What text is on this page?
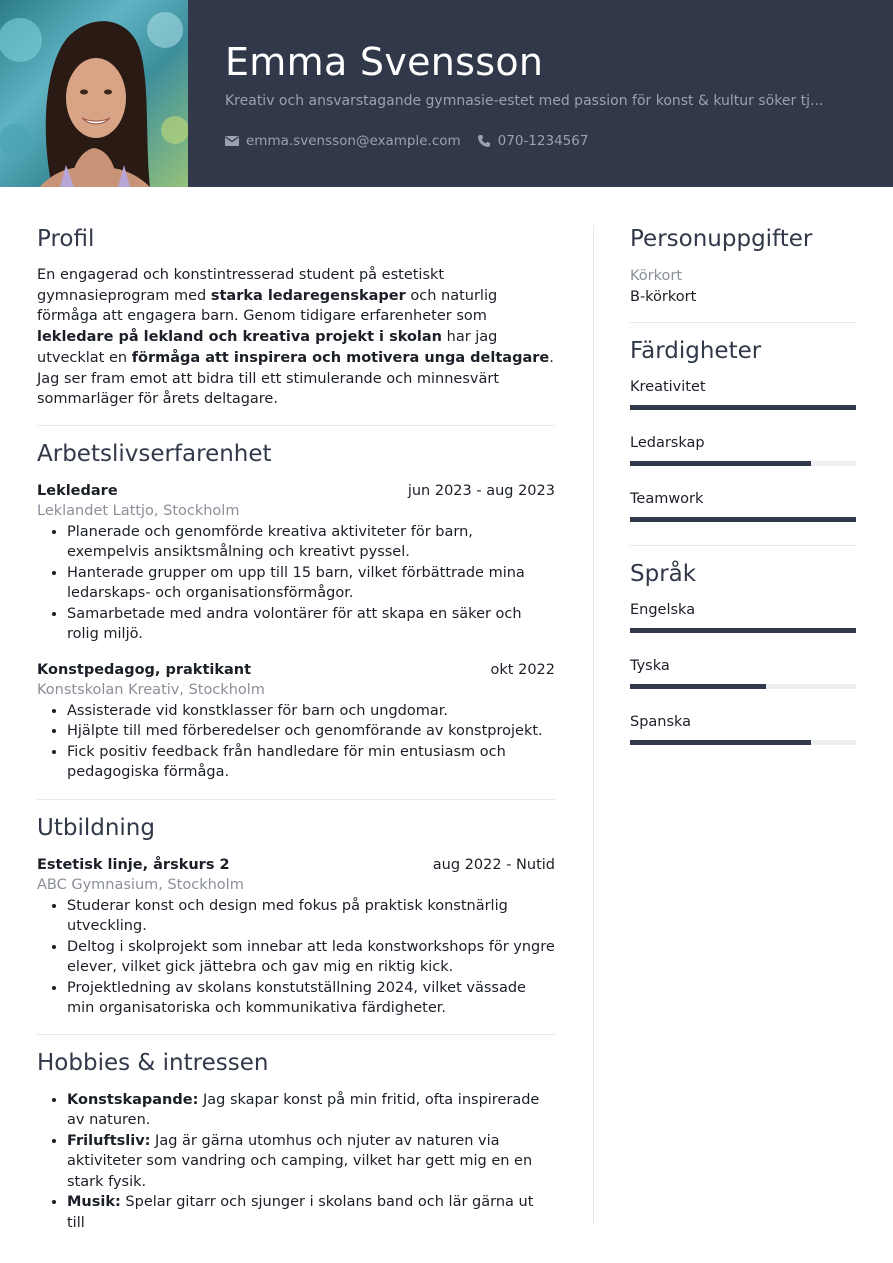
Emma Svensson
Kreativ och ansvarstagande gymnasie-estet med passion för konst & kultur söker tj...
emma.svensson@example.com	070-1234567
Profil

En engagerad och konstintresserad student på estetiskt gymnasieprogram med starka ledaregenskaper och naturlig förmåga att engagera barn. Genom tidigare erfarenheter som lekledare på lekland och kreativa projekt i skolan har jag utvecklat en förmåga att inspirera och motivera unga deltagare. Jag ser fram emot att bidra till ett stimulerande och minnesvärt sommarläger för årets deltagare.

Arbetslivserfarenhet
Lekledare	jun 2023 - aug 2023
Leklandet Lattjo, Stockholm
• Planerade och genomförde kreativa aktiviteter för barn, exempelvis ansiktsmålning och kreativt pyssel.
• Hanterade grupper om upp till 15 barn, vilket förbättrade mina ledarskaps- och organisationsförmågor.
• Samarbetade med andra volontärer för att skapa en säker och rolig miljö.
Konstpedagog, praktikant	okt 2022
Konstskolan Kreativ, Stockholm
• Assisterade vid konstklasser för barn och ungdomar.
• Hjälpte till med förberedelser och genomförande av konstprojekt.
• Fick positiv feedback från handledare för min entusiasm och pedagogiska förmåga.
Utbildning
Estetisk linje, årskurs 2	aug 2022 - Nutid
ABC Gymnasium, Stockholm
• Studerar konst och design med fokus på praktisk konstnärlig utveckling.
• Deltog i skolprojekt som innebar att leda konstworkshops för yngre elever, vilket gick jättebra och gav mig en riktig kick.
• Projektledning av skolans konstutställning 2024, vilket vässade min organisatoriska och kommunikativa färdigheter.
Hobbies & intressen
• Konstskapande: Jag skapar konst på min fritid, ofta inspirerade av naturen.
• Friluftsliv: Jag är gärna utomhus och njuter av naturen via aktiviteter som vandring och camping, vilket har gett mig en en stark fysik.
• Musik: Spelar gitarr och sjunger i skolans band och lär gärna ut till
Personuppgifter
Körkort
B-körkort
Färdigheter
Kreativitet
Ledarskap
Teamwork
Språk
Engelska
Tyska
Spanska
